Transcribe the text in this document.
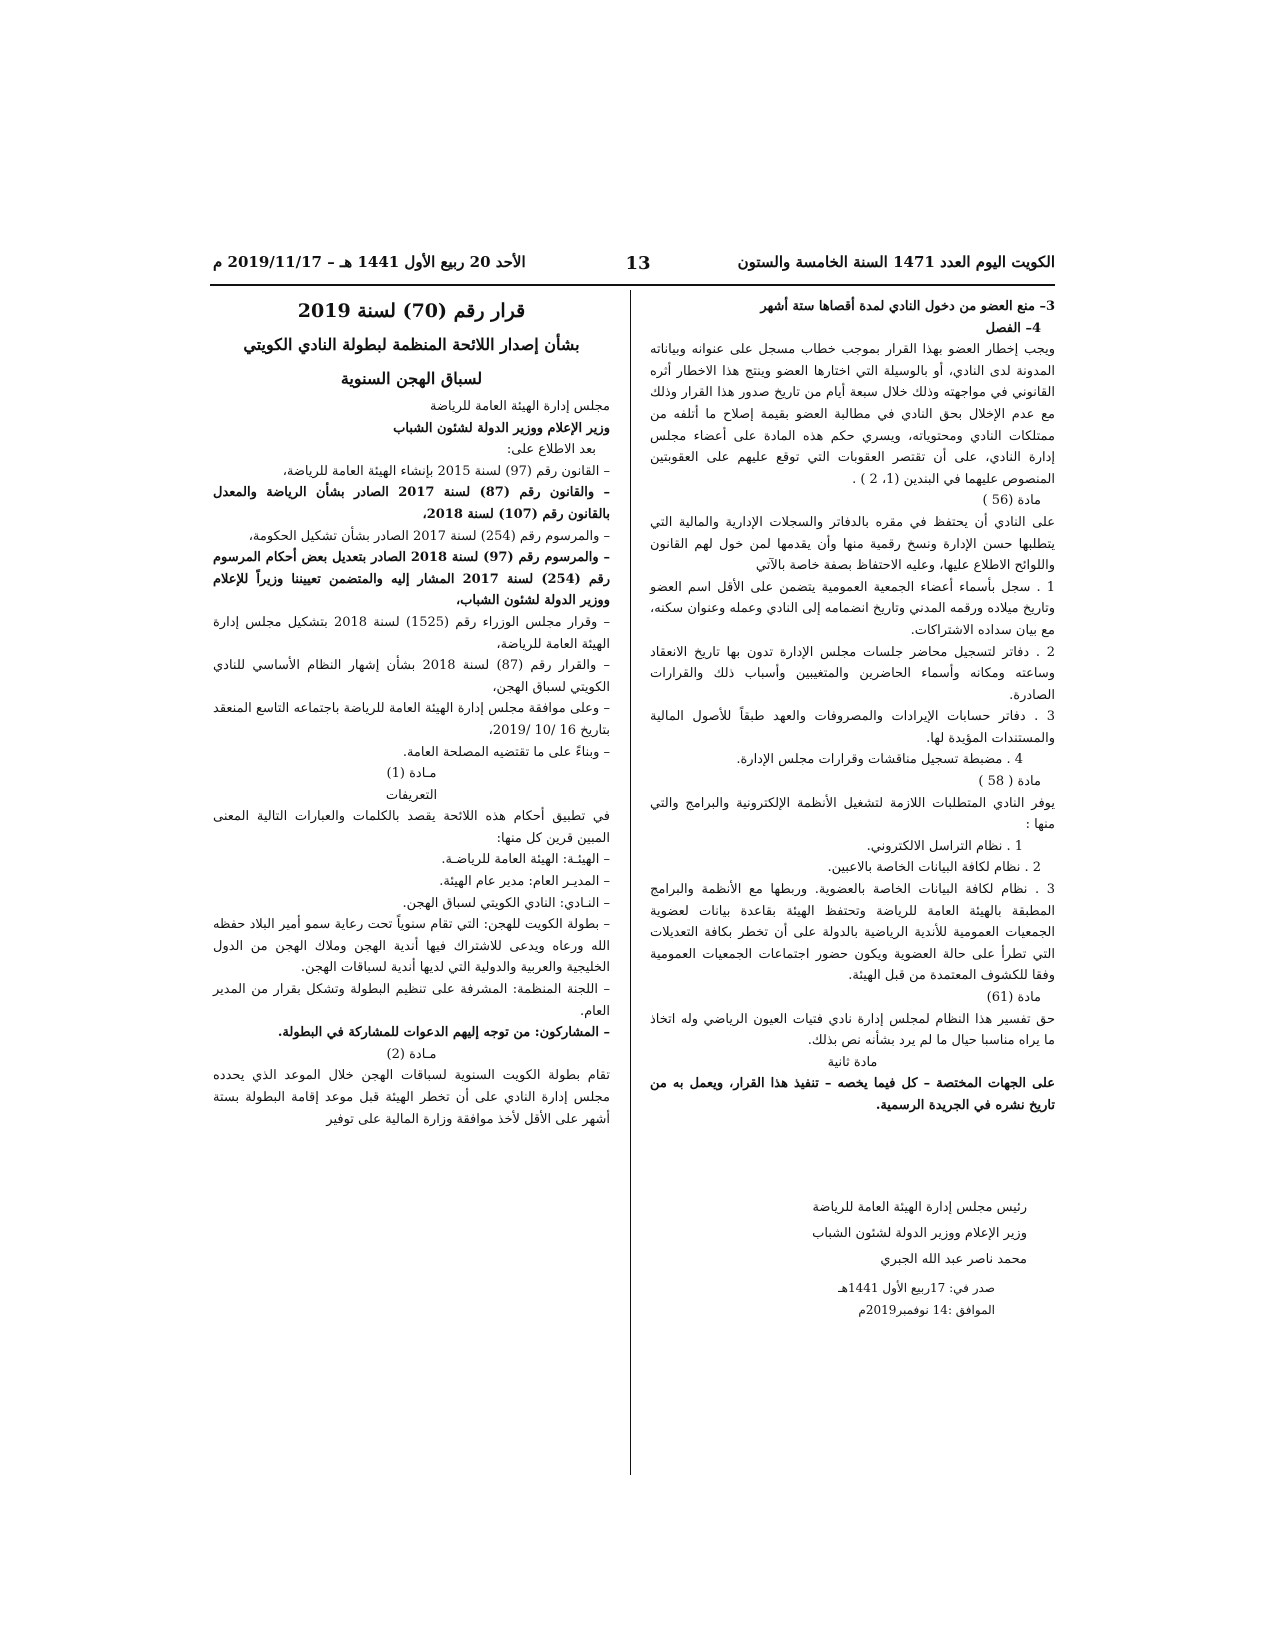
الكويت اليوم العدد 1471 السنة الخامسة والستون
13
الأحد 20 ربيع الأول 1441 هـ – 2019/11/17 م

3– منع العضو من دخول النادي لمدة أقصاها ستة أشهر

4– الفصل

ويجب إخطار العضو بهذا القرار بموجب خطاب مسجل على عنوانه وبياناته المدونة لدى النادي، أو بالوسيلة التي اختارها العضو وينتج هذا الاخطار أثره القانوني في مواجهته وذلك خلال سبعة أيام من تاريخ صدور هذا القرار وذلك مع عدم الإخلال بحق النادي في مطالبة العضو بقيمة إصلاح ما أتلفه من ممتلكات النادي ومحتوياته، ويسري حكم هذه المادة على أعضاء مجلس إدارة النادي، على أن تقتصر العقوبات التي توقع عليهم على العقوبتين المنصوص عليهما في البندين (1، 2 ) .

مادة (56 )

على النادي أن يحتفظ في مقره بالدفاتر والسجلات الإدارية والمالية التي يتطلبها حسن الإدارة ونسخ رقمية منها وأن يقدمها لمن خول لهم القانون واللوائح الاطلاع عليها، وعليه الاحتفاظ بصفة خاصة بالآتي

1 . سجل بأسماء أعضاء الجمعية العمومية يتضمن على الأقل اسم العضو وتاريخ ميلاده ورقمه المدني وتاريخ انضمامه إلى النادي وعمله وعنوان سكنه، مع بيان سداده الاشتراكات.

2 . دفاتر لتسجيل محاضر جلسات مجلس الإدارة تدون بها تاريخ الانعقاد وساعته ومكانه وأسماء الحاضرين والمتغيبين وأسباب ذلك والقرارات الصادرة.

3 . دفاتر حسابات الإيرادات والمصروفات والعهد طبقاً للأصول المالية والمستندات المؤيدة لها.

4 . مضبطة تسجيل مناقشات وقرارات مجلس الإدارة.

مادة ( 58 )

يوفر النادي المتطلبات اللازمة لتشغيل الأنظمة الإلكترونية والبرامج والتي منها :

1 . نظام التراسل الالكتروني.

2 . نظام لكافة البيانات الخاصة بالاعبين.

3 . نظام لكافة البيانات الخاصة بالعضوية. وربطها مع الأنظمة والبرامج المطبقة بالهيئة العامة للرياضة وتحتفظ الهيئة بقاعدة بيانات لعضوية الجمعيات العمومية للأندية الرياضية بالدولة على أن تخطر بكافة التعديلات التي تطرأ على حالة العضوية ويكون حضور اجتماعات الجمعيات العمومية وفقا للكشوف المعتمدة من قبل الهيئة.

مادة (61)

حق تفسير هذا النظام لمجلس إدارة نادي فتيات العيون الرياضي وله اتخاذ ما يراه مناسبا حيال ما لم يرد بشأنه نص بذلك.

مادة ثانية

على الجهات المختصة – كل فيما يخصه – تنفيذ هذا القرار، ويعمل به من تاريخ نشره في الجريدة الرسمية.

رئيس مجلس إدارة الهيئة العامة للرياضة

وزير الإعلام ووزير الدولة لشئون الشباب

محمد ناصر عبد الله الجبري

صدر في: 17ربيع الأول 1441هـ

الموافق :14 نوفمبر2019م

قرار رقم (70) لسنة 2019

بشأن إصدار اللائحة المنظمة لبطولة النادي الكويتي

لسباق الهجن السنوية

مجلس إدارة الهيئة العامة للرياضة

وزير الإعلام ووزير الدولة لشئون الشباب

بعد الاطلاع على:

– القانون رقم (97) لسنة 2015 بإنشاء الهيئة العامة للرياضة،

– والقانون رقم (87) لسنة 2017 الصادر بشأن الرياضة والمعدل بالقانون رقم (107) لسنة 2018،

– والمرسوم رقم (254) لسنة 2017 الصادر بشأن تشكيل الحكومة،

– والمرسوم رقم (97) لسنة 2018 الصادر بتعديل بعض أحكام المرسوم رقم (254) لسنة 2017 المشار إليه والمتضمن تعييننا وزيراً للإعلام ووزير الدولة لشئون الشباب،

– وقرار مجلس الوزراء رقم (1525) لسنة 2018 بتشكيل مجلس إدارة الهيئة العامة للرياضة،

– والقرار رقم (87) لسنة 2018 بشأن إشهار النظام الأساسي للنادي الكويتي لسباق الهجن،

– وعلى موافقة مجلس إدارة الهيئة العامة للرياضة باجتماعه التاسع المنعقد بتاريخ 16 /10 /2019،

– وبناءً على ما تقتضيه المصلحة العامة.

مـادة (1)

التعريفات

في تطبيق أحكام هذه اللائحة يقصد بالكلمات والعبارات التالية المعنى المبين قرين كل منها:

– الهيئـة: الهيئة العامة للرياضـة.

– المديـر العام: مدير عام الهيئة.

– النـادي: النادي الكويتي لسباق الهجن.

– بطولة الكويت للهجن: التي تقام سنوياً تحت رعاية سمو أمير البلاد حفظه الله ورعاه ويدعى للاشتراك فيها أندية الهجن وملاك الهجن من الدول الخليجية والعربية والدولية التي لديها أندية لسباقات الهجن.

– اللجنة المنظمة: المشرفة على تنظيم البطولة وتشكل بقرار من المدير العام.

– المشاركون: من توجه إليهم الدعوات للمشاركة في البطولة.

مـادة (2)

تقام بطولة الكويت السنوية لسباقات الهجن خلال الموعد الذي يحدده مجلس إدارة النادي على أن تخطر الهيئة قبل موعد إقامة البطولة بستة أشهر على الأقل لأخذ موافقة وزارة المالية على توفير
